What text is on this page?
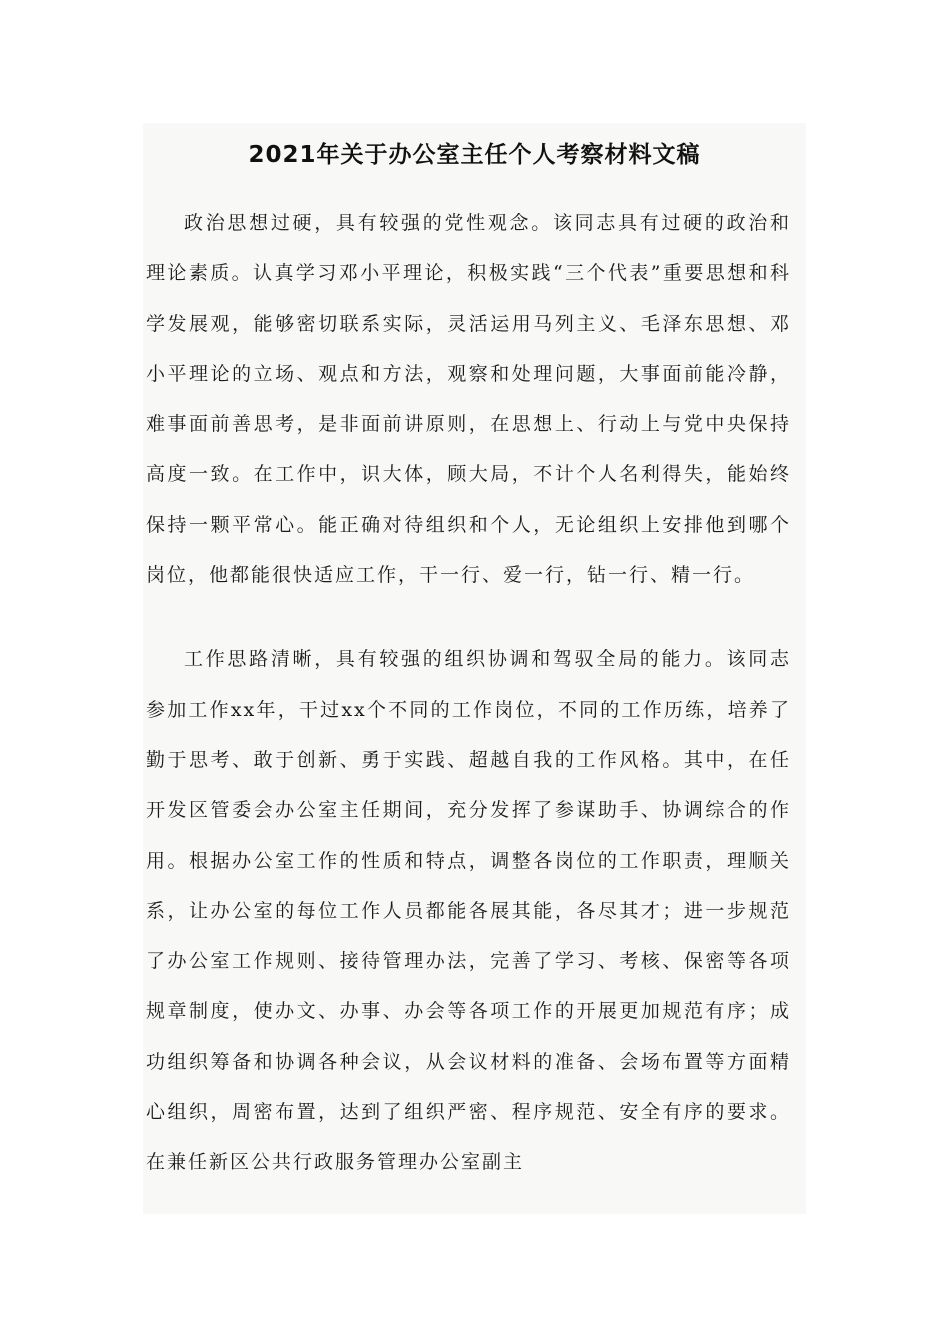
2021年关于办公室主任个人考察材料文稿

政治思想过硬，具有较强的党性观念。该同志具有过硬的政治和理论素质。认真学习邓小平理论，积极实践“三个代表”重要思想和科学发展观，能够密切联系实际，灵活运用马列主义、毛泽东思想、邓小平理论的立场、观点和方法，观察和处理问题，大事面前能冷静，难事面前善思考，是非面前讲原则，在思想上、行动上与党中央保持高度一致。在工作中，识大体，顾大局，不计个人名利得失，能始终保持一颗平常心。能正确对待组织和个人，无论组织上安排他到哪个岗位，他都能很快适应工作，干一行、爱一行，钻一行、精一行。

工作思路清晰，具有较强的组织协调和驾驭全局的能力。该同志参加工作xx年，干过xx个不同的工作岗位，不同的工作历练，培养了勤于思考、敢于创新、勇于实践、超越自我的工作风格。其中，在任开发区管委会办公室主任期间，充分发挥了参谋助手、协调综合的作用。根据办公室工作的性质和特点，调整各岗位的工作职责，理顺关系，让办公室的每位工作人员都能各展其能，各尽其才；进一步规范了办公室工作规则、接待管理办法，完善了学习、考核、保密等各项规章制度，使办文、办事、办会等各项工作的开展更加规范有序；成功组织筹备和协调各种会议，从会议材料的准备、会场布置等方面精心组织，周密布置，达到了组织严密、程序规范、安全有序的要求。在兼任新区公共行政服务管理办公室副主
